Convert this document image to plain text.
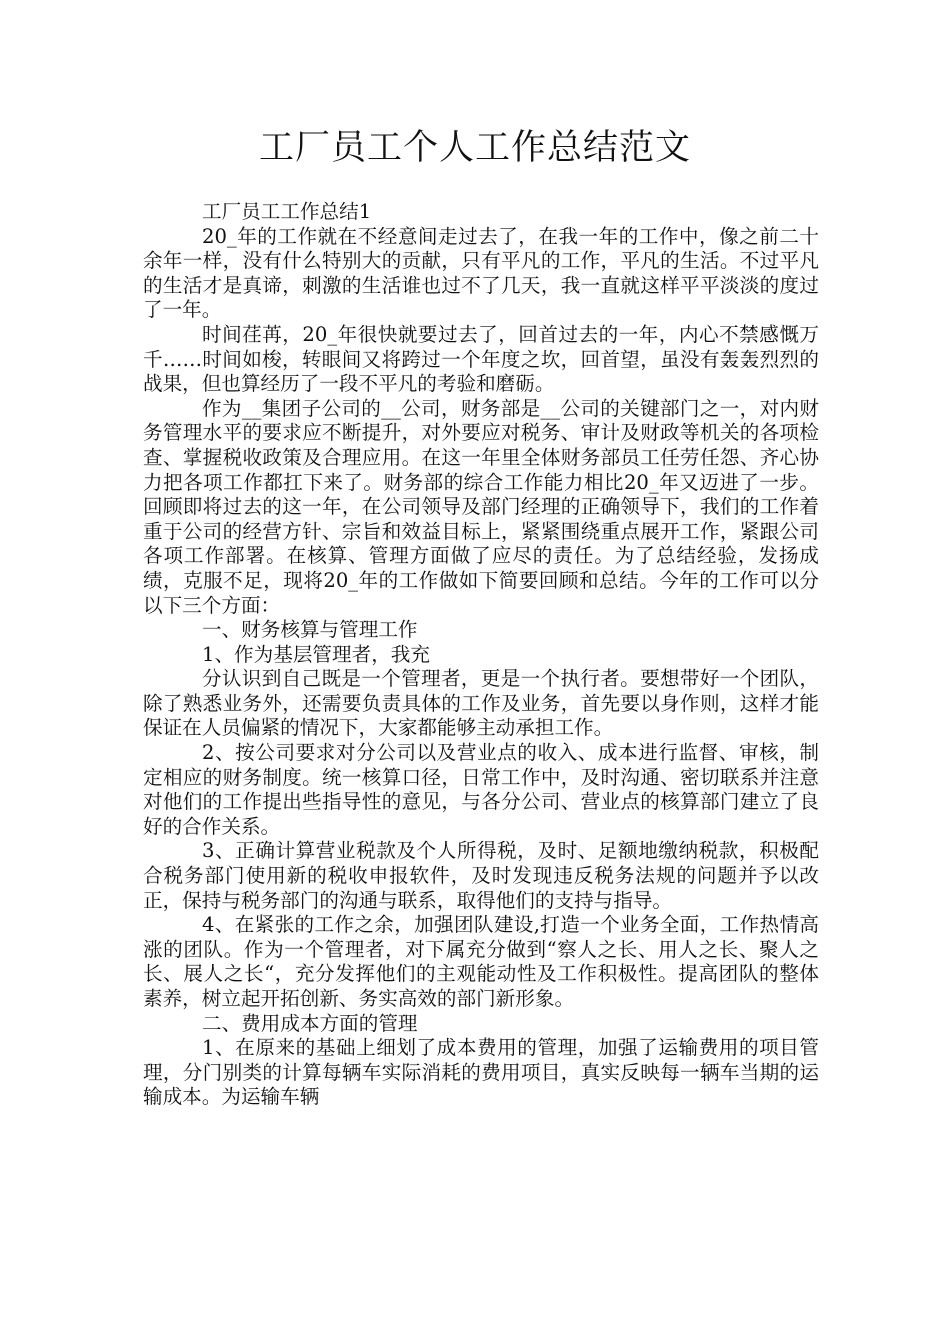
工厂员工个人工作总结范文

工厂员工工作总结1

20_年的工作就在不经意间走过去了，在我一年的工作中，像之前二十余年一样，没有什么特别大的贡献，只有平凡的工作，平凡的生活。不过平凡的生活才是真谛，刺激的生活谁也过不了几天，我一直就这样平平淡淡的度过了一年。

时间荏苒，20_年很快就要过去了，回首过去的一年，内心不禁感慨万千……时间如梭，转眼间又将跨过一个年度之坎，回首望，虽没有轰轰烈烈的战果，但也算经历了一段不平凡的考验和磨砺。

作为__集团子公司的__公司，财务部是__公司的关键部门之一，对内财务管理水平的要求应不断提升，对外要应对税务、审计及财政等机关的各项检查、掌握税收政策及合理应用。在这一年里全体财务部员工任劳任怨、齐心协力把各项工作都扛下来了。财务部的综合工作能力相比20_年又迈进了一步。回顾即将过去的这一年，在公司领导及部门经理的正确领导下，我们的工作着重于公司的经营方针、宗旨和效益目标上，紧紧围绕重点展开工作，紧跟公司各项工作部署。在核算、管理方面做了应尽的责任。为了总结经验，发扬成绩，克服不足，现将20_年的工作做如下简要回顾和总结。今年的工作可以分以下三个方面：

一、财务核算与管理工作

1、作为基层管理者，我充

分认识到自己既是一个管理者，更是一个执行者。要想带好一个团队，除了熟悉业务外，还需要负责具体的工作及业务，首先要以身作则，这样才能保证在人员偏紧的情况下，大家都能够主动承担工作。

2、按公司要求对分公司以及营业点的收入、成本进行监督、审核，制定相应的财务制度。统一核算口径，日常工作中，及时沟通、密切联系并注意对他们的工作提出些指导性的意见，与各分公司、营业点的核算部门建立了良好的合作关系。

3、正确计算营业税款及个人所得税，及时、足额地缴纳税款，积极配合税务部门使用新的税收申报软件，及时发现违反税务法规的问题并予以改正，保持与税务部门的沟通与联系，取得他们的支持与指导。

4、在紧张的工作之余，加强团队建设,打造一个业务全面，工作热情高涨的团队。作为一个管理者，对下属充分做到“察人之长、用人之长、聚人之长、展人之长“，充分发挥他们的主观能动性及工作积极性。提高团队的整体素养，树立起开拓创新、务实高效的部门新形象。

二、费用成本方面的管理

1、在原来的基础上细划了成本费用的管理，加强了运输费用的项目管理，分门别类的计算每辆车实际消耗的费用项目，真实反映每一辆车当期的运输成本。为运输车辆
